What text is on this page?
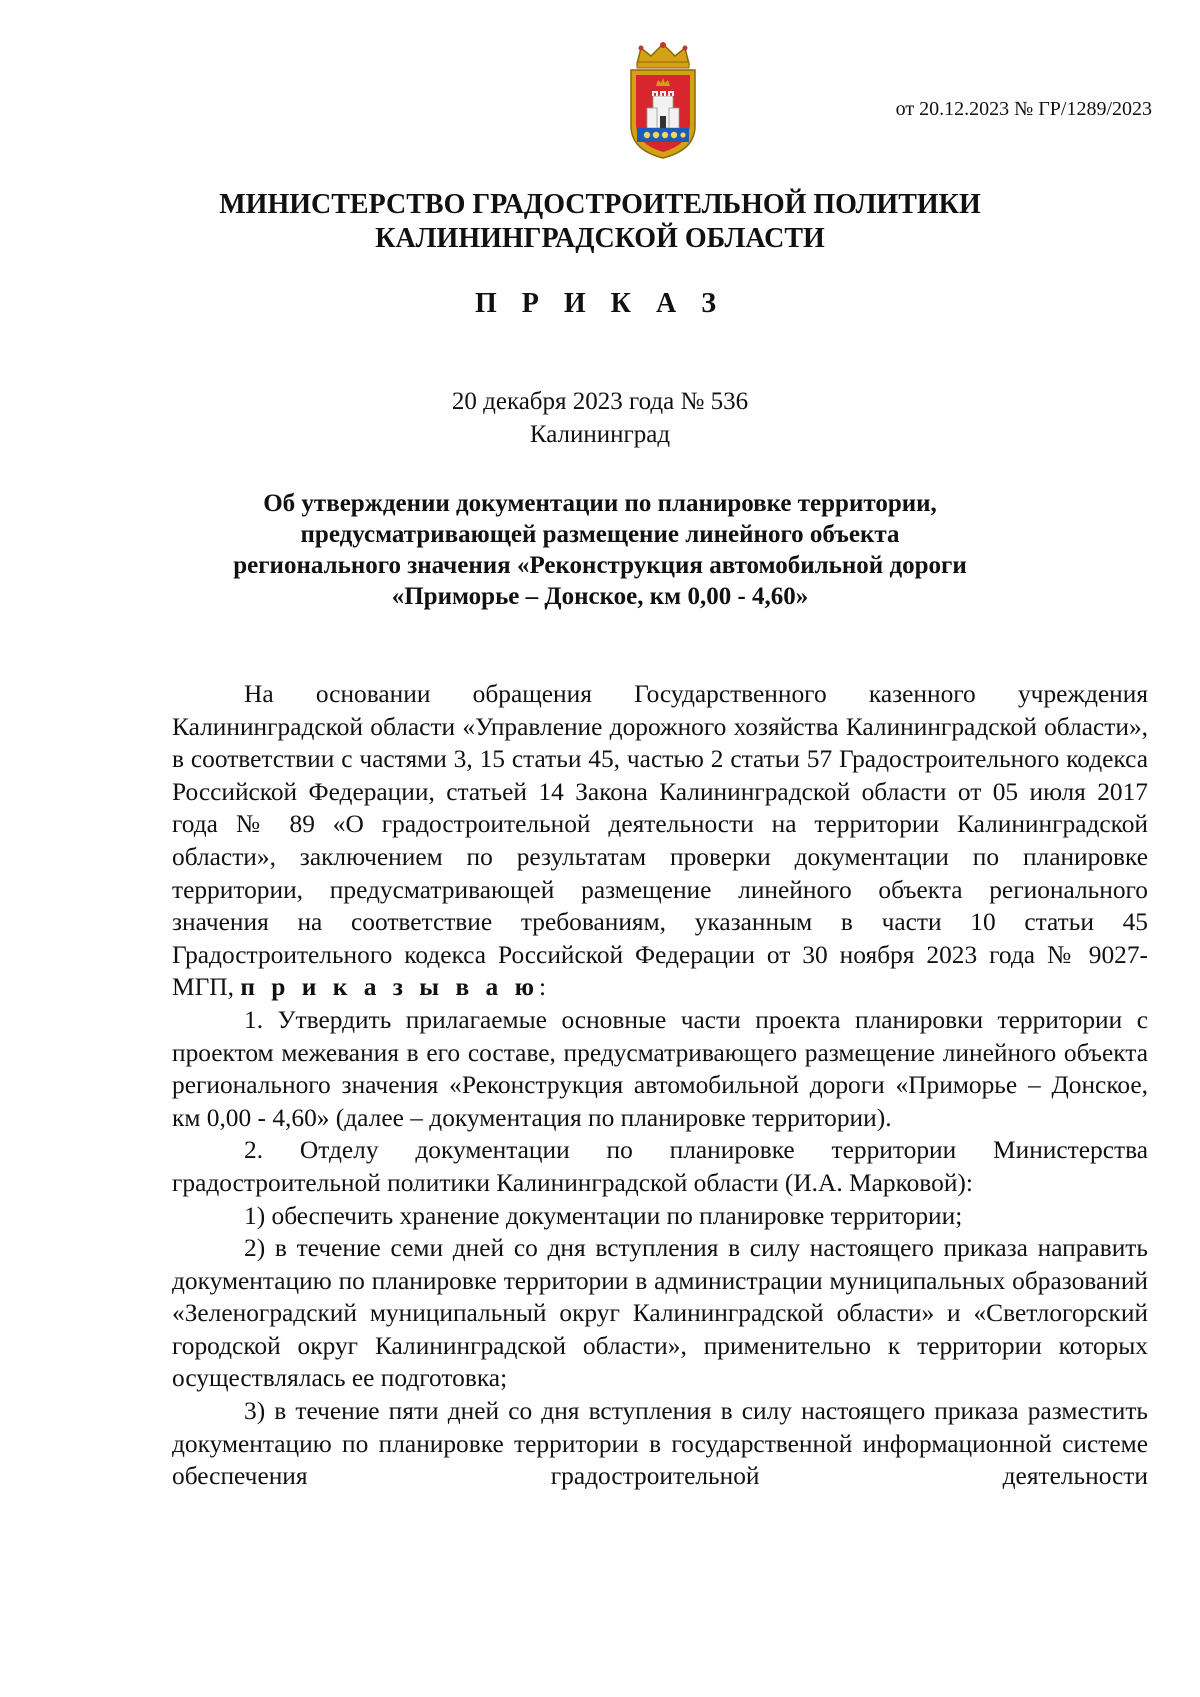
от 20.12.2023 № ГР/1289/2023
МИНИСТЕРСТВО ГРАДОСТРОИТЕЛЬНОЙ ПОЛИТИКИ
КАЛИНИНГРАДСКОЙ ОБЛАСТИ
П Р И К А З
20 декабря 2023 года № 536
Калининград
Об утверждении документации по планировке территории,
предусматривающей размещение линейного объекта
регионального значения «Реконструкция автомобильной дороги
«Приморье – Донское, км 0,00 - 4,60»

На основании обращения Государственного казенного учреждения Калининградской области «Управление дорожного хозяйства Калининградской области», в соответствии с частями 3, 15 статьи 45, частью 2 статьи 57 Градостроительного кодекса Российской Федерации, статьей 14 Закона Калининградской области от 05 июля 2017 года № 89 «О градостроительной деятельности на территории Калининградской области», заключением по результатам проверки документации по планировке территории, предусматривающей размещение линейного объекта регионального значения на соответствие требованиям, указанным в части 10 статьи 45 Градостроительного кодекса Российской Федерации от 30 ноября 2023 года № 9027-МГП, п р и к а з ы в а ю:

1. Утвердить прилагаемые основные части проекта планировки территории с проектом межевания в его составе, предусматривающего размещение линейного объекта регионального значения «Реконструкция автомобильной дороги «Приморье – Донское, км 0,00 - 4,60» (далее – документация по планировке территории).

2. Отделу документации по планировке территории Министерства градостроительной политики Калининградской области (И.А. Марковой):

1) обеспечить хранение документации по планировке территории;

2) в течение семи дней со дня вступления в силу настоящего приказа направить документацию по планировке территории в администрации муниципальных образований «Зеленоградский муниципальный округ Калининградской области» и «Светлогорский городской округ Калининградской области», применительно к территории которых осуществлялась ее подготовка;

3) в течение пяти дней со дня вступления в силу настоящего приказа разместить документацию по планировке территории в государственной информационной системе обеспечения градостроительной деятельности
